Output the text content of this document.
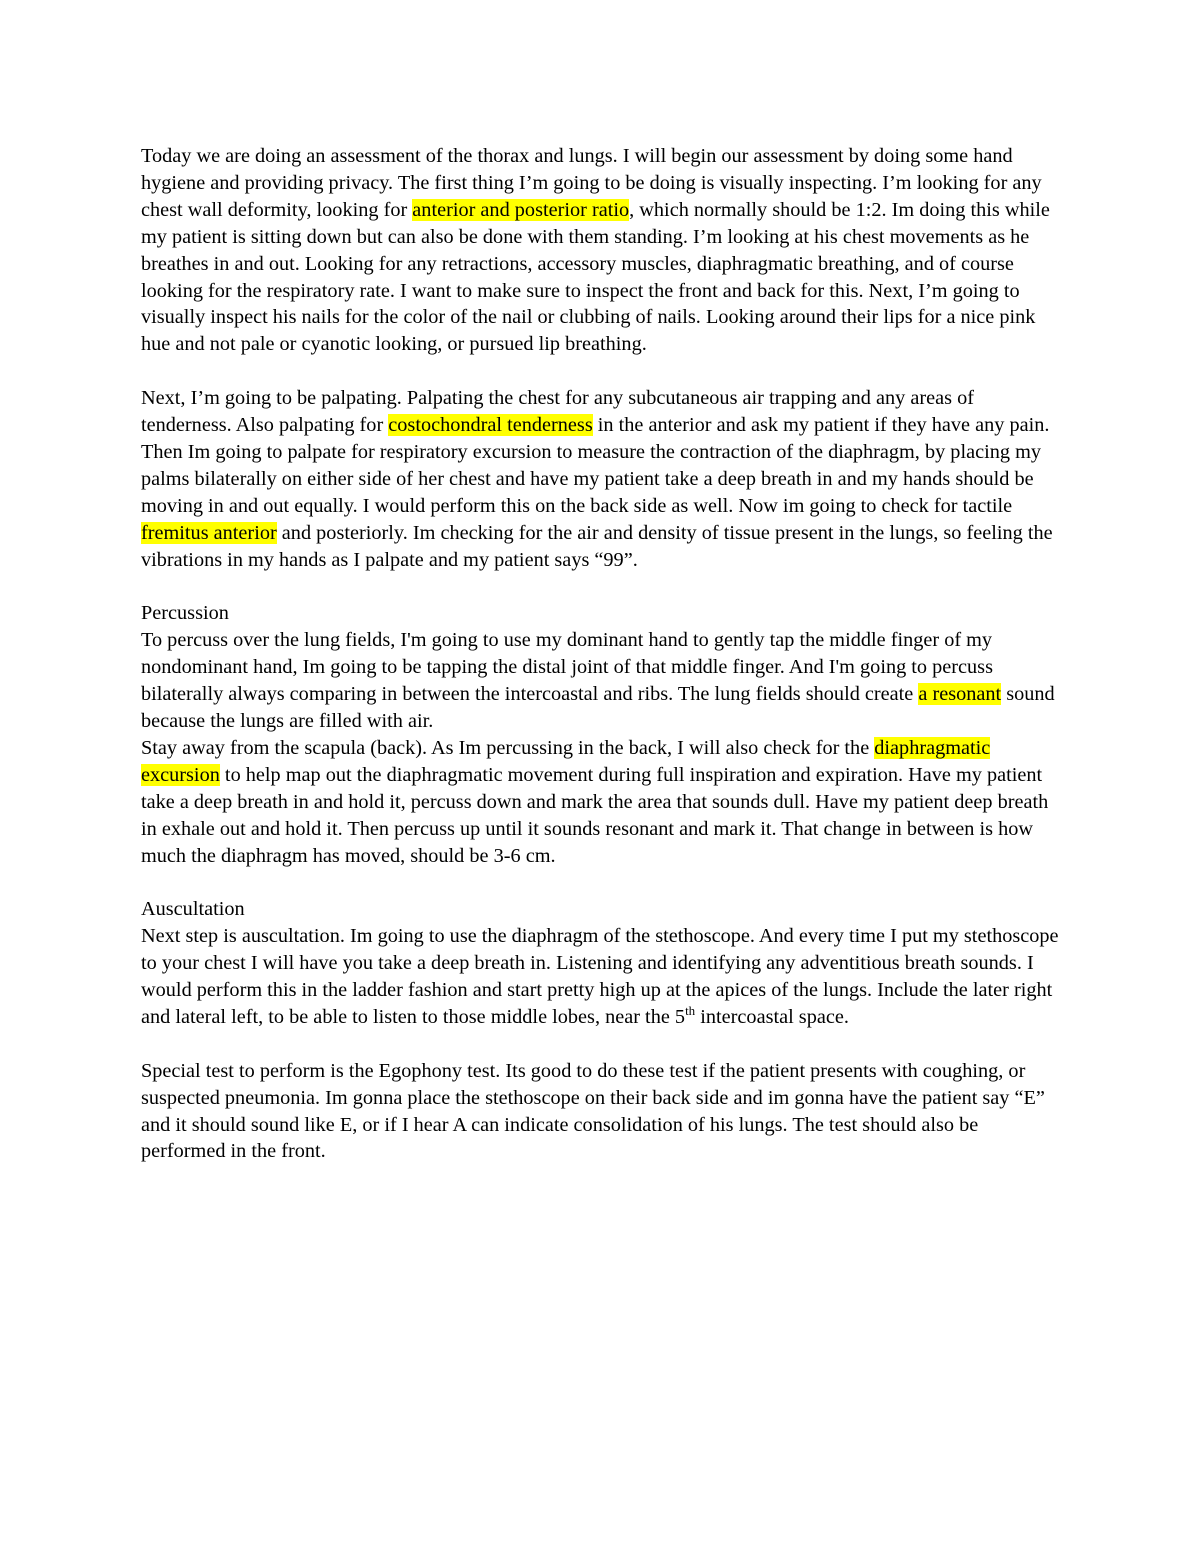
Today we are doing an assessment of the thorax and lungs. I will begin our assessment by doing some hand hygiene and providing privacy. The first thing I’m going to be doing is visually inspecting. I’m looking for any chest wall deformity, looking for anterior and posterior ratio, which normally should be 1:2. Im doing this while my patient is sitting down but can also be done with them standing. I’m looking at his chest movements as he breathes in and out. Looking for any retractions, accessory muscles, diaphragmatic breathing, and of course looking for the respiratory rate. I want to make sure to inspect the front and back for this. Next, I’m going to visually inspect his nails for the color of the nail or clubbing of nails. Looking around their lips for a nice pink hue and not pale or cyanotic looking, or pursued lip breathing.

Next, I’m going to be palpating. Palpating the chest for any subcutaneous air trapping and any areas of tenderness. Also palpating for costochondral tenderness in the anterior and ask my patient if they have any pain. Then Im going to palpate for respiratory excursion to measure the contraction of the diaphragm, by placing my palms bilaterally on either side of her chest and have my patient take a deep breath in and my hands should be moving in and out equally. I would perform this on the back side as well. Now im going to check for tactile fremitus anterior and posteriorly. Im checking for the air and density of tissue present in the lungs, so feeling the vibrations in my hands as I palpate and my patient says “99”.

Percussion

To percuss over the lung fields, I'm going to use my dominant hand to gently tap the middle finger of my nondominant hand, Im going to be tapping the distal joint of that middle finger. And I'm going to percuss bilaterally always comparing in between the intercoastal and ribs. The lung fields should create a resonant sound because the lungs are filled with air.

Stay away from the scapula (back). As Im percussing in the back, I will also check for the diaphragmatic excursion to help map out the diaphragmatic movement during full inspiration and expiration. Have my patient take a deep breath in and hold it, percuss down and mark the area that sounds dull. Have my patient deep breath in exhale out and hold it. Then percuss up until it sounds resonant and mark it. That change in between is how much the diaphragm has moved, should be 3-6 cm.

Auscultation

Next step is auscultation. Im going to use the diaphragm of the stethoscope. And every time I put my stethoscope to your chest I will have you take a deep breath in. Listening and identifying any adventitious breath sounds. I would perform this in the ladder fashion and start pretty high up at the apices of the lungs. Include the later right and lateral left, to be able to listen to those middle lobes, near the 5th intercoastal space.

Special test to perform is the Egophony test. Its good to do these test if the patient presents with coughing, or suspected pneumonia. Im gonna place the stethoscope on their back side and im gonna have the patient say “E” and it should sound like E, or if I hear A can indicate consolidation of his lungs. The test should also be performed in the front.
